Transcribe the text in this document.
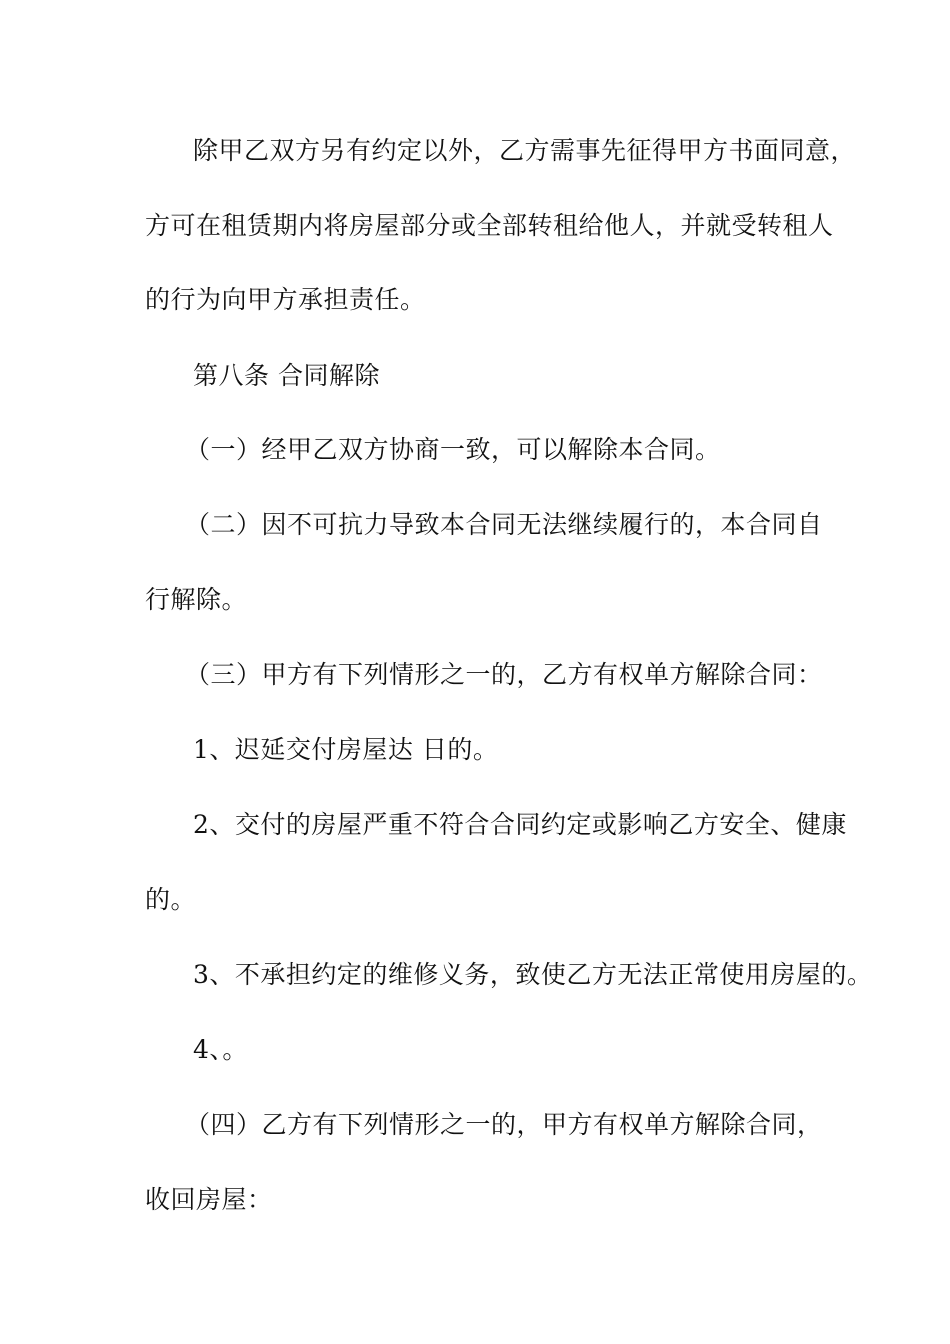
除甲乙双方另有约定以外，乙方需事先征得甲方书面同意，
方可在租赁期内将房屋部分或全部转租给他人，并就受转租人
的行为向甲方承担责任。
第八条 合同解除
（一）经甲乙双方协商一致，可以解除本合同。
（二）因不可抗力导致本合同无法继续履行的，本合同自
行解除。
（三）甲方有下列情形之一的，乙方有权单方解除合同：
1、迟延交付房屋达 日的。
2、交付的房屋严重不符合合同约定或影响乙方安全、健康
的。
3、不承担约定的维修义务，致使乙方无法正常使用房屋的。
4、。
（四）乙方有下列情形之一的，甲方有权单方解除合同，
收回房屋：
